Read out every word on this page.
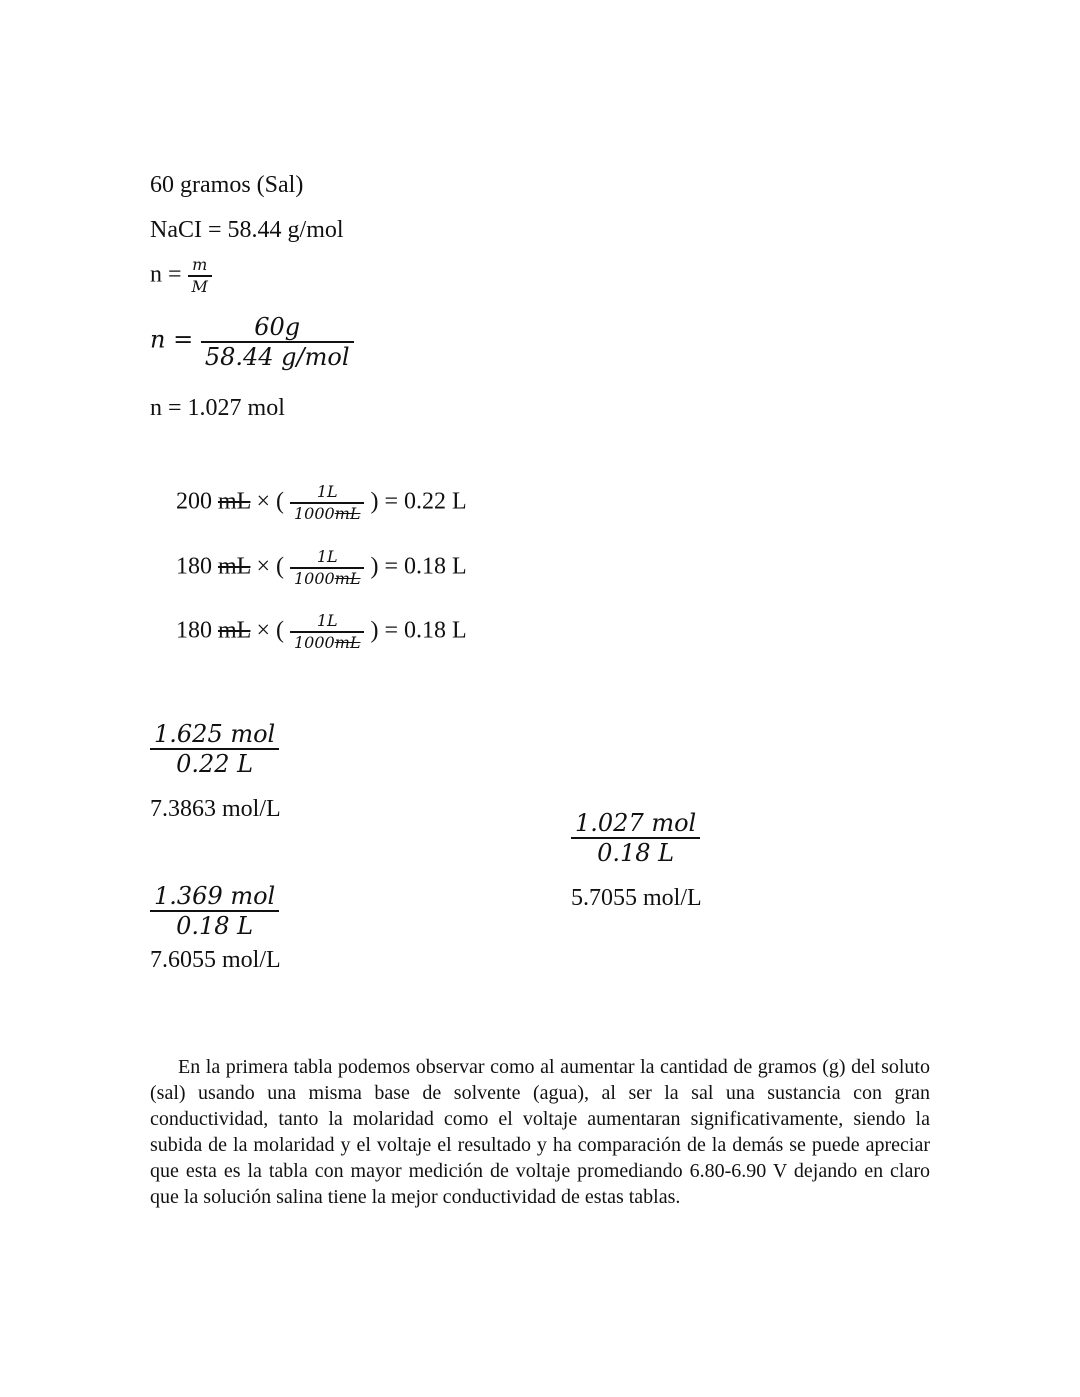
60 gramos (Sal)
NaCI = 58.44 g/mol
$n = \frac{m}{M}$
$n = \frac{60g}{\text{58.44 g/mol}}$
n = 1.027 mol
200 mL × ( $\frac{1L}{1000mL}$ ) = 0.22 L
180 mL × ( $\frac{1L}{1000mL}$ ) = 0.18 L
180 mL × ( $\frac{1L}{1000mL}$ ) = 0.18 L
$\frac{\text{1.625 mol}}{0.22 L}$
7.3863 mol/L
$\frac{\text{1.369 mol}}{0.18 L}$
7.6055 mol/L
$\frac{\text{1.027 mol}}{0.18 L}$
5.7055 mol/L

En la primera tabla podemos observar como al aumentar la cantidad de gramos (g) del soluto (sal) usando una misma base de solvente (agua), al ser la sal una sustancia con gran conductividad, tanto la molaridad como el voltaje aumentaran significativamente, siendo la subida de la molaridad y el voltaje el resultado y ha comparación de la demás se puede apreciar que esta es la tabla con mayor medición de voltaje promediando 6.80-6.90 V dejando en claro que la solución salina tiene la mejor conductividad de estas tablas.
